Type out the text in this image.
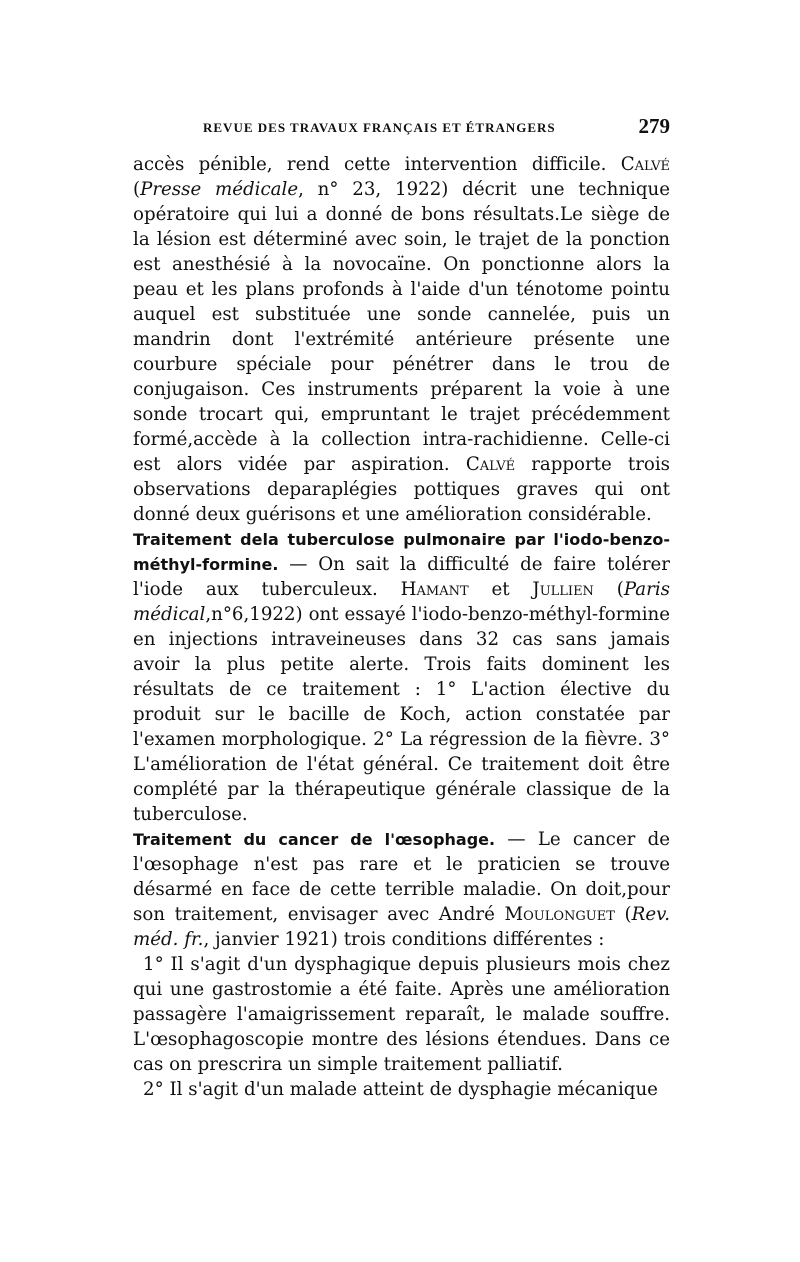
REVUE DES TRAVAUX FRANÇAIS ET ÉTRANGERS	279

accès pénible, rend cette intervention difficile. Calvé (Presse médicale, n° 23, 1922) décrit une technique opératoire qui lui a donné de bons résultats.Le siège de la lésion est déterminé avec soin, le trajet de la ponction est anesthésié à la novocaïne. On ponctionne alors la peau et les plans profonds à l'aide d'un ténotome pointu auquel est substituée une sonde cannelée, puis un mandrin dont l'extrémité antérieure présente une courbure spéciale pour pénétrer dans le trou de conjugaison. Ces instruments préparent la voie à une sonde trocart qui, empruntant le trajet précédemment formé,accède à la collection intra-rachidienne. Celle-ci est alors vidée par aspiration. Calvé rapporte trois observations deparaplégies pottiques graves qui ont donné deux guérisons et une amélioration considérable.

Traitement dela tuberculose pulmonaire par l'iodo-benzo-méthyl-formine. — On sait la difficulté de faire tolérer l'iode aux tuberculeux. Hamant et Jullien (Paris médical,n°6,1922) ont essayé l'iodo-benzo-méthyl-formine en injections intraveineuses dans 32 cas sans jamais avoir la plus petite alerte. Trois faits dominent les résultats de ce traitement : 1° L'action élective du produit sur le bacille de Koch, action constatée par l'examen morphologique. 2° La régression de la fièvre. 3° L'amélioration de l'état général. Ce traitement doit être complété par la thérapeutique générale classique de la tuberculose.

Traitement du cancer de l'œsophage. — Le cancer de l'œsophage n'est pas rare et le praticien se trouve désarmé en face de cette terrible maladie. On doit,pour son traitement, envisager avec André Moulonguet (Rev. méd. fr., janvier 1921) trois conditions différentes :

1° Il s'agit d'un dysphagique depuis plusieurs mois chez qui une gastrostomie a été faite. Après une amélioration passagère l'amaigrissement reparaît, le malade souffre. L'œsophagoscopie montre des lésions étendues. Dans ce cas on prescrira un simple traitement palliatif.

2° Il s'agit d'un malade atteint de dysphagie mécanique
